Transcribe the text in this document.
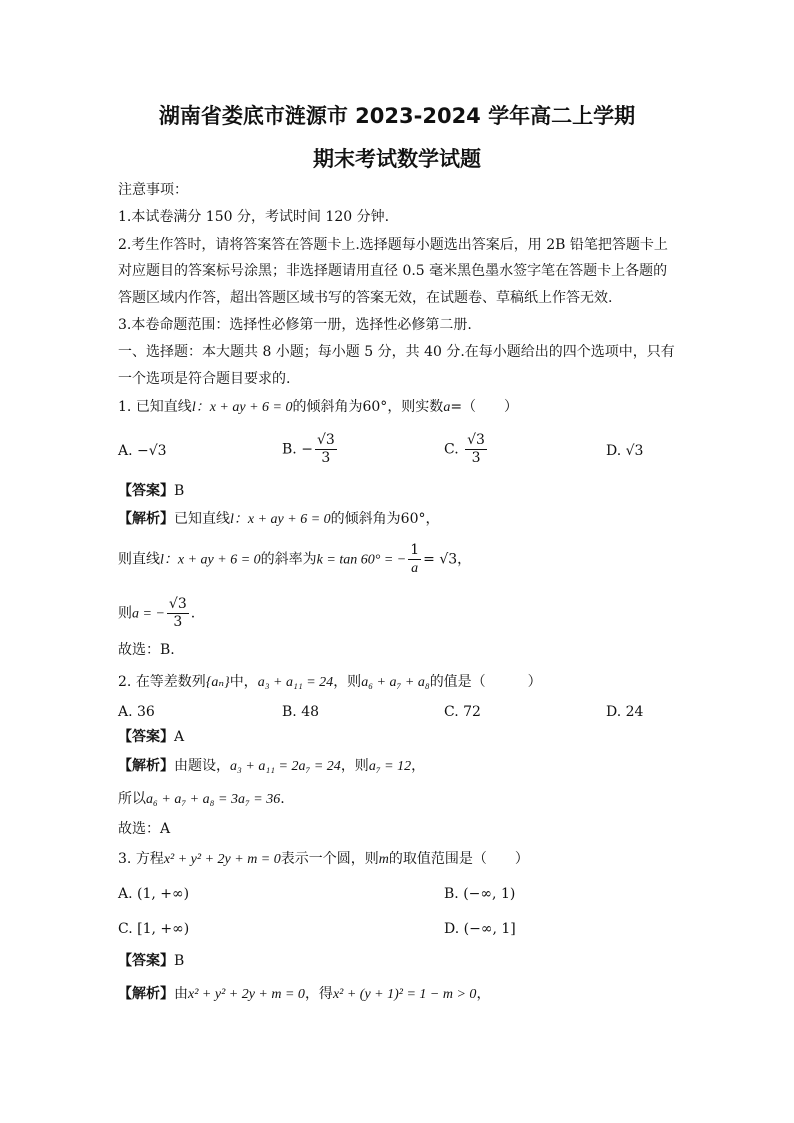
湖南省娄底市涟源市 2023-2024 学年高二上学期
期末考试数学试题
注意事项：
1.本试卷满分 150 分，考试时间 120 分钟.
2.考生作答时，请将答案答在答题卡上.选择题每小题选出答案后，用 2B 铅笔把答题卡上
对应题目的答案标号涂黑；非选择题请用直径 0.5 毫米黑色墨水签字笔在答题卡上各题的
答题区域内作答，超出答题区域书写的答案无效，在试题卷、草稿纸上作答无效.
3.本卷命题范围：选择性必修第一册，选择性必修第二册.
一、选择题：本大题共 8 小题；每小题 5 分，共 40 分.在每小题给出的四个选项中，只有
一个选项是符合题目要求的.
1. 已知直线l：x + ay + 6 = 0的倾斜角为60°，则实数a=（　　）
A. −√3	B. − $\frac{√3}{3}$	C. $\frac{√3}{3}$	D. √3
【答案】B
【解析】已知直线l：x + ay + 6 = 0的倾斜角为60°，
则直线l：x + ay + 6 = 0的斜率为k = tan 60° = − $\frac{1}{a} = √3$，
则a = − $\frac{√3}{3}$ .
故选：B.
2. 在等差数列{aₙ}中，a₃ + a₁₁ = 24，则a₆ + a₇ + a₈的值是（　　　）
A. 36	B. 48	C. 72	D. 24
【答案】A
【解析】由题设，a₃ + a₁₁ = 2a₇ = 24，则a₇ = 12，
所以a₆ + a₇ + a₈ = 3a₇ = 36.
故选：A
3. 方程x² + y² + 2y + m = 0表示一个圆，则m的取值范围是（　　）
A. (1, +∞)	B. (−∞, 1)
C. [1, +∞)	D. (−∞, 1]
【答案】B
【解析】由x² + y² + 2y + m = 0，得x² + (y + 1)² = 1 − m > 0，
